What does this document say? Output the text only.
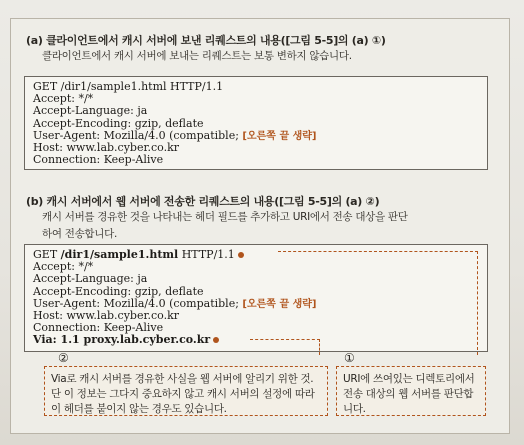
(a) 클라이언트에서 캐시 서버에 보낸 리퀘스트의 내용([그림 5-5]의 (a) ①)
클라이언트에서 캐시 서버에 보내는 리퀘스트는 보통 변하지 않습니다.
GET /dir1/sample1.html HTTP/1.1
Accept: */*
Accept-Language: ja
Accept-Encoding: gzip, deflate
User-Agent: Mozilla/4.0 (compatible; [오른쪽 끝 생략]
Host: www.lab.cyber.co.kr
Connection: Keep-Alive
(b) 캐시 서버에서 웹 서버에 전송한 리퀘스트의 내용([그림 5-5]의 (a) ②)
캐시 서버를 경유한 것을 나타내는 헤더 필드를 추가하고 URI에서 전송 대상을 판단
하여 전송합니다.
GET /dir1/sample1.html HTTP/1.1
Accept: */*
Accept-Language: ja
Accept-Encoding: gzip, deflate
User-Agent: Mozilla/4.0 (compatible; [오른쪽 끝 생략]
Host: www.lab.cyber.co.kr
Connection: Keep-Alive
Via: 1.1 proxy.lab.cyber.co.kr
②
Via로 캐시 서버를 경유한 사실을 웹 서버에 알리기 위한 것. 단 이 정보는 그다지 중요하지 않고 캐시 서버의 설정에 따라 이 헤더를 붙이지 않는 경우도 있습니다.
①
URI에 쓰여있는 디렉토리에서 전송 대상의 웹 서버를 판단합니다.
